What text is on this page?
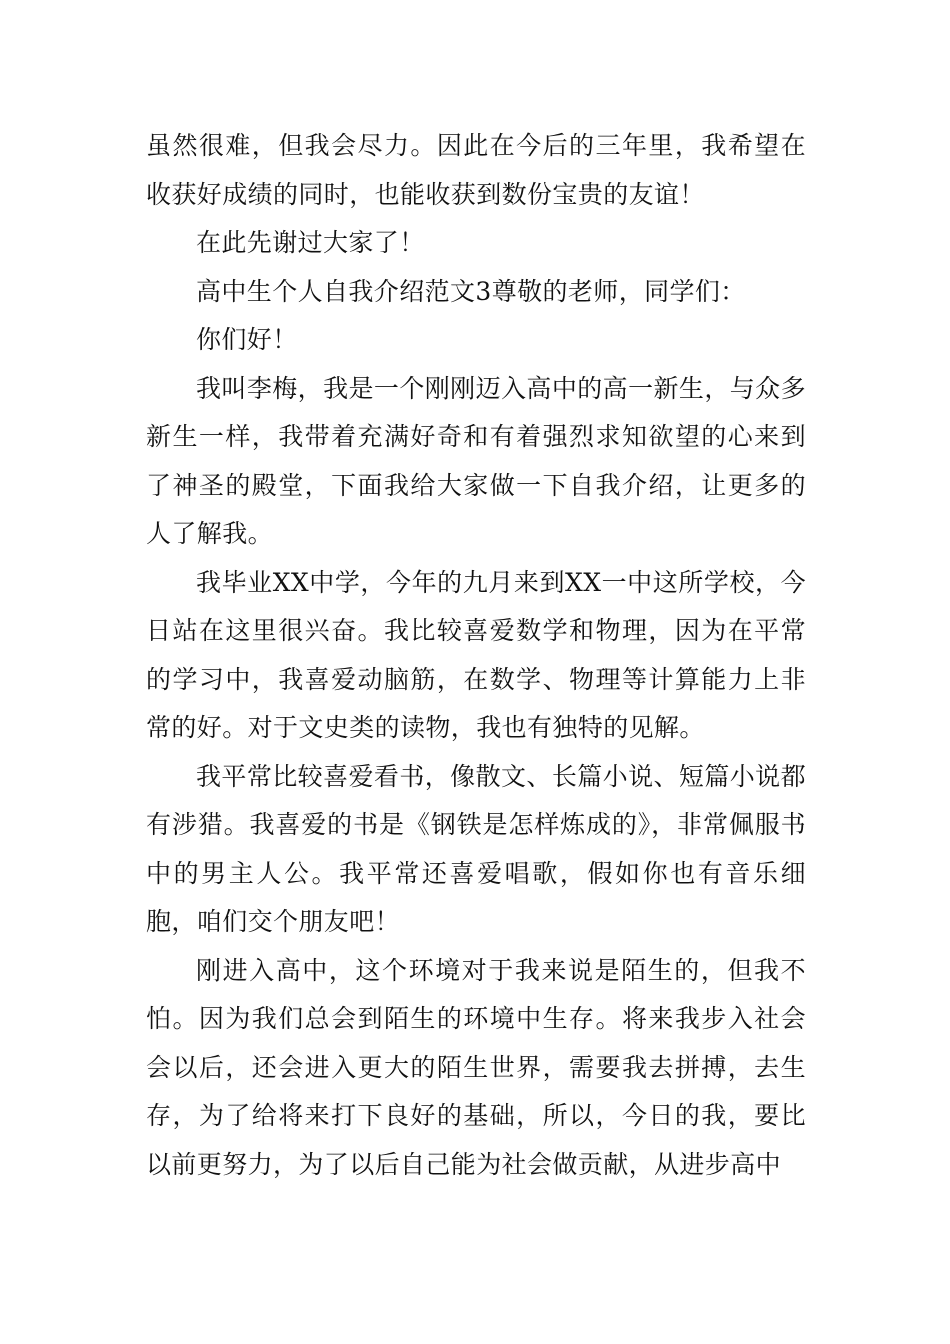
虽然很难，但我会尽力。因此在今后的三年里，我希望在收获好成绩的同时，也能收获到数份宝贵的友谊！

在此先谢过大家了！

高中生个人自我介绍范文3尊敬的老师，同学们：

你们好！

我叫李梅，我是一个刚刚迈入高中的高一新生，与众多新生一样，我带着充满好奇和有着强烈求知欲望的心来到了神圣的殿堂，下面我给大家做一下自我介绍，让更多的人了解我。

我毕业XX中学，今年的九月来到XX一中这所学校，今日站在这里很兴奋。我比较喜爱数学和物理，因为在平常的学习中，我喜爱动脑筋，在数学、物理等计算能力上非常的好。对于文史类的读物，我也有独特的见解。

我平常比较喜爱看书，像散文、长篇小说、短篇小说都有涉猎。我喜爱的书是《钢铁是怎样炼成的》，非常佩服书中的男主人公。我平常还喜爱唱歌，假如你也有音乐细胞，咱们交个朋友吧！

刚进入高中，这个环境对于我来说是陌生的，但我不怕。因为我们总会到陌生的环境中生存。将来我步入社会会以后，还会进入更大的陌生世界，需要我去拼搏，去生存，为了给将来打下良好的基础，所以，今日的我，要比以前更努力，为了以后自己能为社会做贡献，从进步高中
